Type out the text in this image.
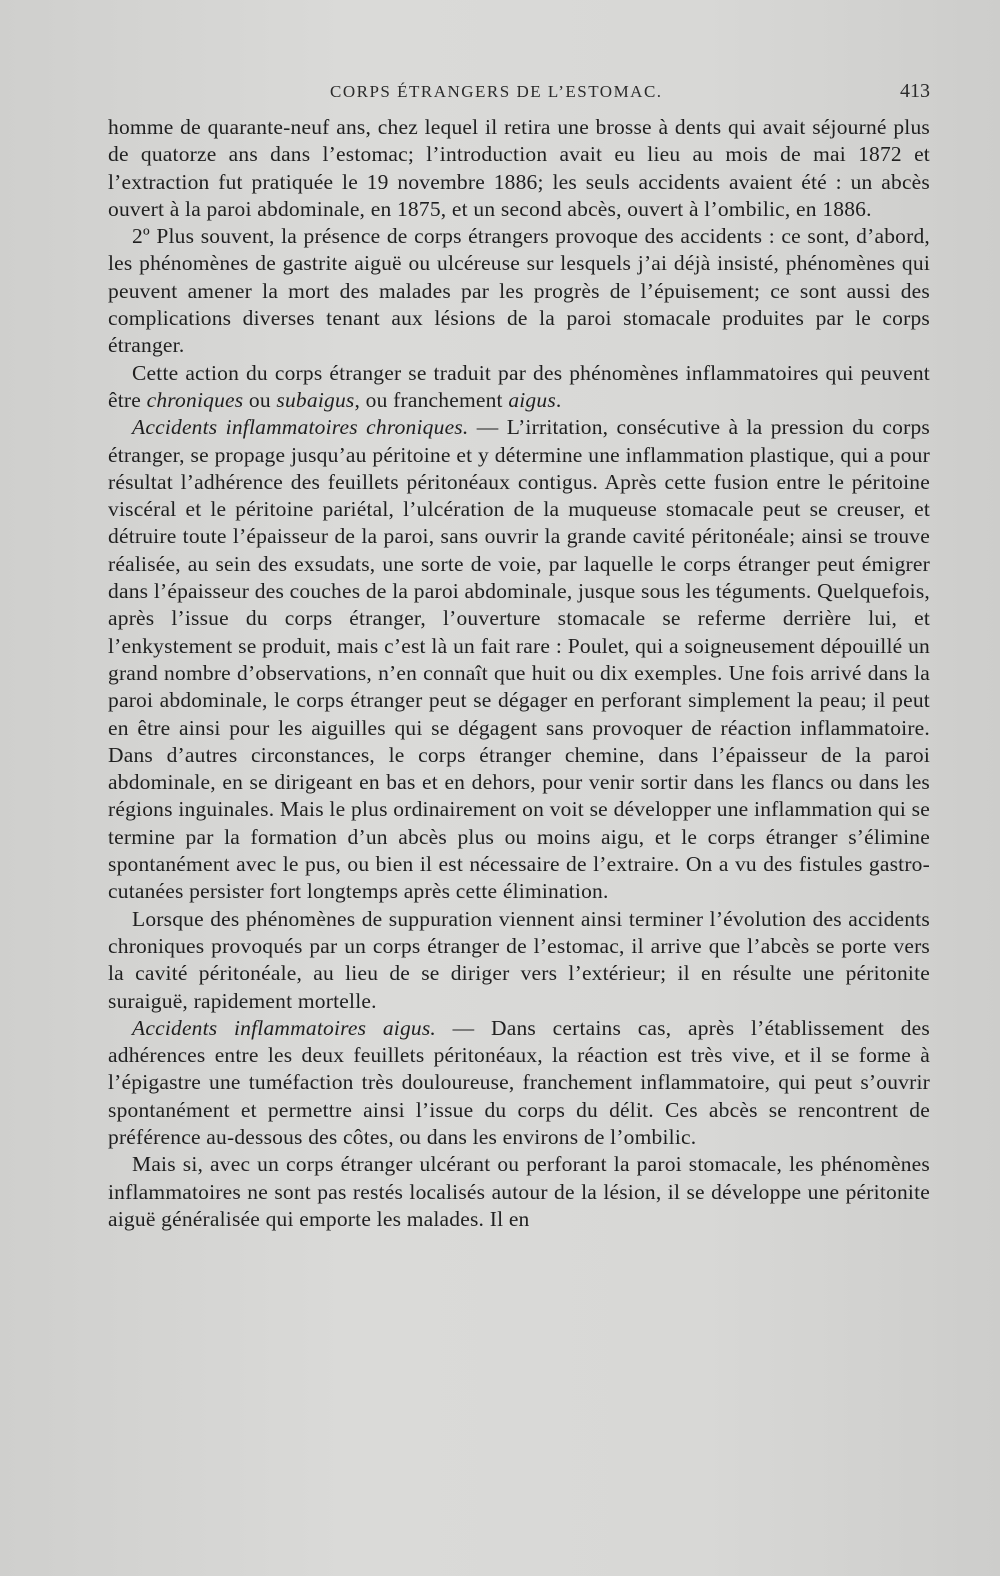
CORPS ÉTRANGERS DE L’ESTOMAC.	413

homme de quarante-neuf ans, chez lequel il retira une brosse à dents qui avait séjourné plus de quatorze ans dans l’estomac; l’introduction avait eu lieu au mois de mai 1872 et l’extraction fut pratiquée le 19 novembre 1886; les seuls accidents avaient été : un abcès ouvert à la paroi abdominale, en 1875, et un second abcès, ouvert à l’ombilic, en 1886.

2º Plus souvent, la présence de corps étrangers provoque des accidents : ce sont, d’abord, les phénomènes de gastrite aiguë ou ulcéreuse sur lesquels j’ai déjà insisté, phénomènes qui peuvent amener la mort des malades par les progrès de l’épuisement; ce sont aussi des complications diverses tenant aux lésions de la paroi stomacale produites par le corps étranger.

Cette action du corps étranger se traduit par des phénomènes inflammatoires qui peuvent être chroniques ou subaigus, ou franchement aigus.

Accidents inflammatoires chroniques. — L’irritation, consécutive à la pression du corps étranger, se propage jusqu’au péritoine et y détermine une inflammation plastique, qui a pour résultat l’adhérence des feuillets péritonéaux contigus. Après cette fusion entre le péritoine viscéral et le péritoine pariétal, l’ulcération de la muqueuse stomacale peut se creuser, et détruire toute l’épaisseur de la paroi, sans ouvrir la grande cavité péritonéale; ainsi se trouve réalisée, au sein des exsudats, une sorte de voie, par laquelle le corps étranger peut émigrer dans l’épaisseur des couches de la paroi abdominale, jusque sous les téguments. Quelquefois, après l’issue du corps étranger, l’ouverture stomacale se referme derrière lui, et l’enkystement se produit, mais c’est là un fait rare : Poulet, qui a soigneusement dépouillé un grand nombre d’observations, n’en connaît que huit ou dix exemples. Une fois arrivé dans la paroi abdominale, le corps étranger peut se dégager en perforant simplement la peau; il peut en être ainsi pour les aiguilles qui se dégagent sans provoquer de réaction inflammatoire. Dans d’autres circonstances, le corps étranger chemine, dans l’épaisseur de la paroi abdominale, en se dirigeant en bas et en dehors, pour venir sortir dans les flancs ou dans les régions inguinales. Mais le plus ordinairement on voit se développer une inflammation qui se termine par la formation d’un abcès plus ou moins aigu, et le corps étranger s’élimine spontanément avec le pus, ou bien il est nécessaire de l’extraire. On a vu des fistules gastro-cutanées persister fort longtemps après cette élimination.

Lorsque des phénomènes de suppuration viennent ainsi terminer l’évolution des accidents chroniques provoqués par un corps étranger de l’estomac, il arrive que l’abcès se porte vers la cavité péritonéale, au lieu de se diriger vers l’extérieur; il en résulte une péritonite suraiguë, rapidement mortelle.

Accidents inflammatoires aigus. — Dans certains cas, après l’établissement des adhérences entre les deux feuillets péritonéaux, la réaction est très vive, et il se forme à l’épigastre une tuméfaction très douloureuse, franchement inflammatoire, qui peut s’ouvrir spontanément et permettre ainsi l’issue du corps du délit. Ces abcès se rencontrent de préférence au-dessous des côtes, ou dans les environs de l’ombilic.

Mais si, avec un corps étranger ulcérant ou perforant la paroi stomacale, les phénomènes inflammatoires ne sont pas restés localisés autour de la lésion, il se développe une péritonite aiguë généralisée qui emporte les malades. Il en
